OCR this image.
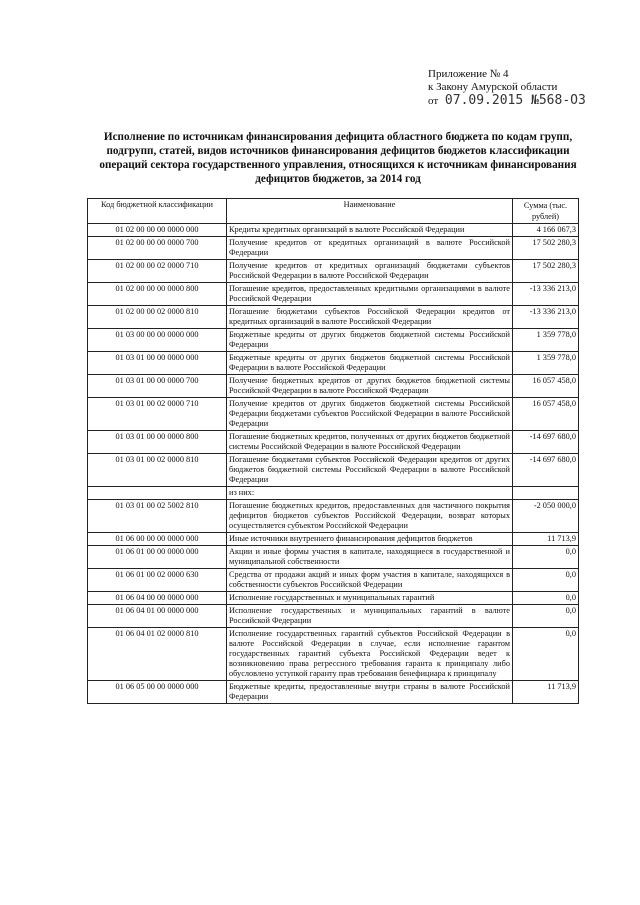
Приложение № 4
к Закону Амурской области
от 07.09.2015 №568-ОЗ
Исполнение по источникам финансирования дефицита областного бюджета по кодам групп, подгрупп, статей, видов источников финансирования дефицитов бюджетов классификации операций сектора государственного управления, относящихся к источникам финансирования дефицитов бюджетов, за 2014 год
Код бюджетной классификации	Наименование	Сумма (тыс. рублей)
01 02 00 00 00 0000 000	Кредиты кредитных организаций в валюте Российской Федерации	4 166 067,3
01 02 00 00 00 0000 700	Получение кредитов от кредитных организаций в валюте Российской Федерации	17 502 280,3
01 02 00 00 02 0000 710	Получение кредитов от кредитных организаций бюджетами субъектов Российской Федерации в валюте Российской Федерации	17 502 280,3
01 02 00 00 00 0000 800	Погашение кредитов, предоставленных кредитными организациями в валюте Российской Федерации	-13 336 213,0
01 02 00 00 02 0000 810	Погашение бюджетами субъектов Российской Федерации кредитов от кредитных организаций в валюте Российской Федерации	-13 336 213,0
01 03 00 00 00 0000 000	Бюджетные кредиты от других бюджетов бюджетной системы Российской Федерации	1 359 778,0
01 03 01 00 00 0000 000	Бюджетные кредиты от других бюджетов бюджетной системы Российской Федерации в валюте Российской Федерации	1 359 778,0
01 03 01 00 00 0000 700	Получение бюджетных кредитов от других бюджетов бюджетной системы Российской Федерации в валюте Российской Федерации	16 057 458,0
01 03 01 00 02 0000 710	Получение кредитов от других бюджетов бюджетной системы Российской Федерации бюджетами субъектов Российской Федерации в валюте Российской Федерации	16 057 458,0
01 03 01 00 00 0000 800	Погашение бюджетных кредитов, полученных от других бюджетов бюджетной системы Российской Федерации в валюте Российской Федерации	-14 697 680,0
01 03 01 00 02 0000 810	Погашение бюджетами субъектов Российской Федерации кредитов от других бюджетов бюджетной системы Российской Федерации в валюте Российской Федерации	-14 697 680,0
	из них:	
01 03 01 00 02 5002 810	Погашение бюджетных кредитов, предоставленных для частичного покрытия дефицитов бюджетов субъектов Российской Федерации, возврат которых осуществляется субъектом Российской Федерации	-2 050 000,0
01 06 00 00 00 0000 000	Иные источники внутреннего финансирования дефицитов бюджетов	11 713,9
01 06 01 00 00 0000 000	Акции и иные формы участия в капитале, находящиеся в государственной и муниципальной собственности	0,0
01 06 01 00 02 0000 630	Средства от продажи акций и иных форм участия в капитале, находящихся в собственности субъектов Российской Федерации	0,0
01 06 04 00 00 0000 000	Исполнение государственных и муниципальных гарантий	0,0
01 06 04 01 00 0000 000	Исполнение государственных и муниципальных гарантий в валюте Российской Федерации	0,0
01 06 04 01 02 0000 810	Исполнение государственных гарантий субъектов Российской Федерации в валюте Российской Федерации в случае, если исполнение гарантом государственных гарантий субъекта Российской Федерации ведет к возникновению права регрессного требования гаранта к принципалу либо обусловлено уступкой гаранту прав требования бенефициара к принципалу	0,0
01 06 05 00 00 0000 000	Бюджетные кредиты, предоставленные внутри страны в валюте Российской Федерации	11 713,9
